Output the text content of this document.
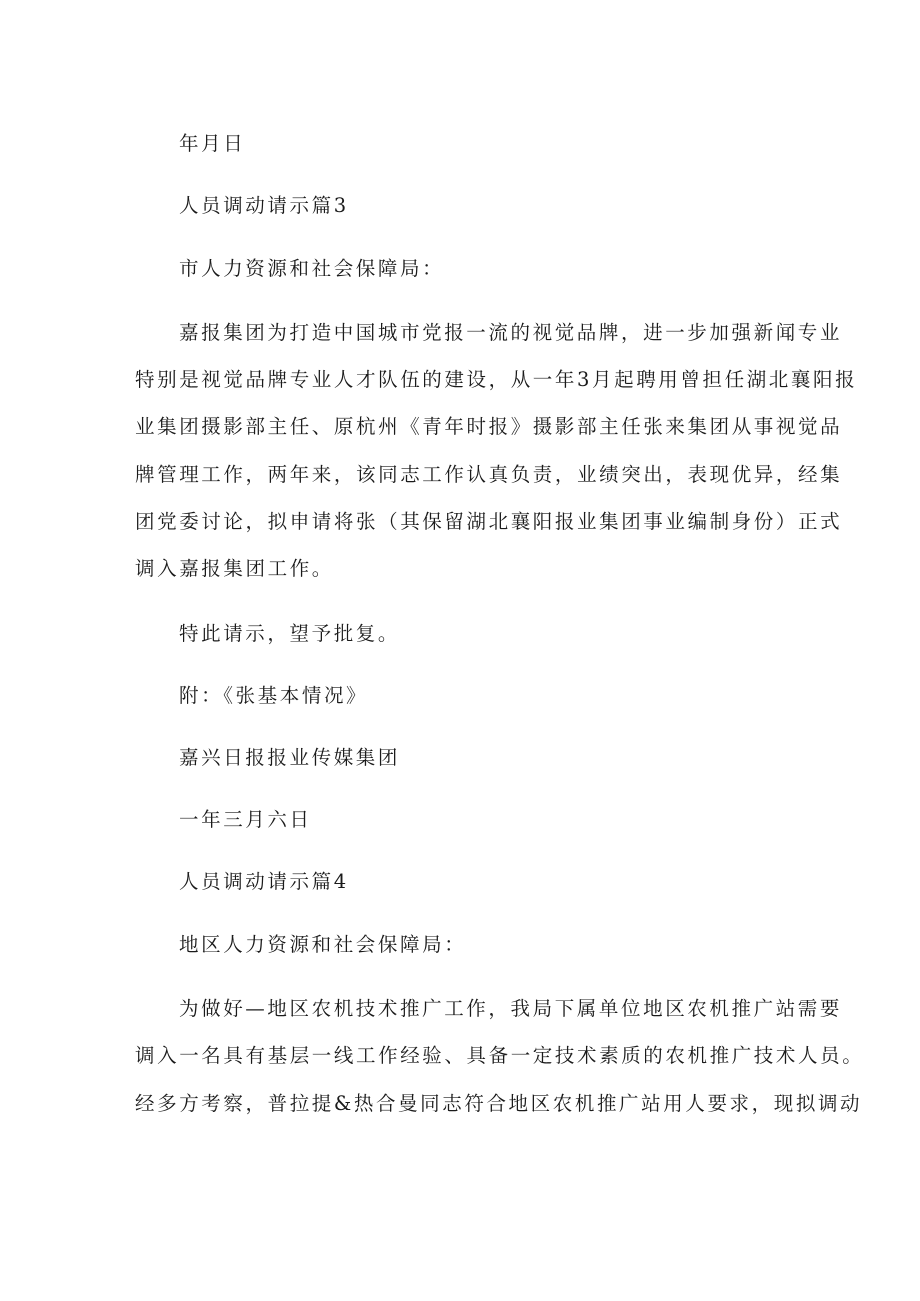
年月日
人员调动请示篇3
市人力资源和社会保障局：
嘉报集团为打造中国城市党报一流的视觉品牌，进一步加强新闻专业
特别是视觉品牌专业人才队伍的建设，从一年3月起聘用曾担任湖北襄阳报
业集团摄影部主任、原杭州《青年时报》摄影部主任张来集团从事视觉品
牌管理工作，两年来，该同志工作认真负责，业绩突出，表现优异，经集
团党委讨论，拟申请将张（其保留湖北襄阳报业集团事业编制身份）正式
调入嘉报集团工作。
特此请示，望予批复。
附：《张基本情况》
嘉兴日报报业传媒集团
一年三月六日
人员调动请示篇4
地区人力资源和社会保障局：
为做好—地区农机技术推广工作，我局下属单位地区农机推广站需要
调入一名具有基层一线工作经验、具备一定技术素质的农机推广技术人员。
经多方考察，普拉提&热合曼同志符合地区农机推广站用人要求，现拟调动
